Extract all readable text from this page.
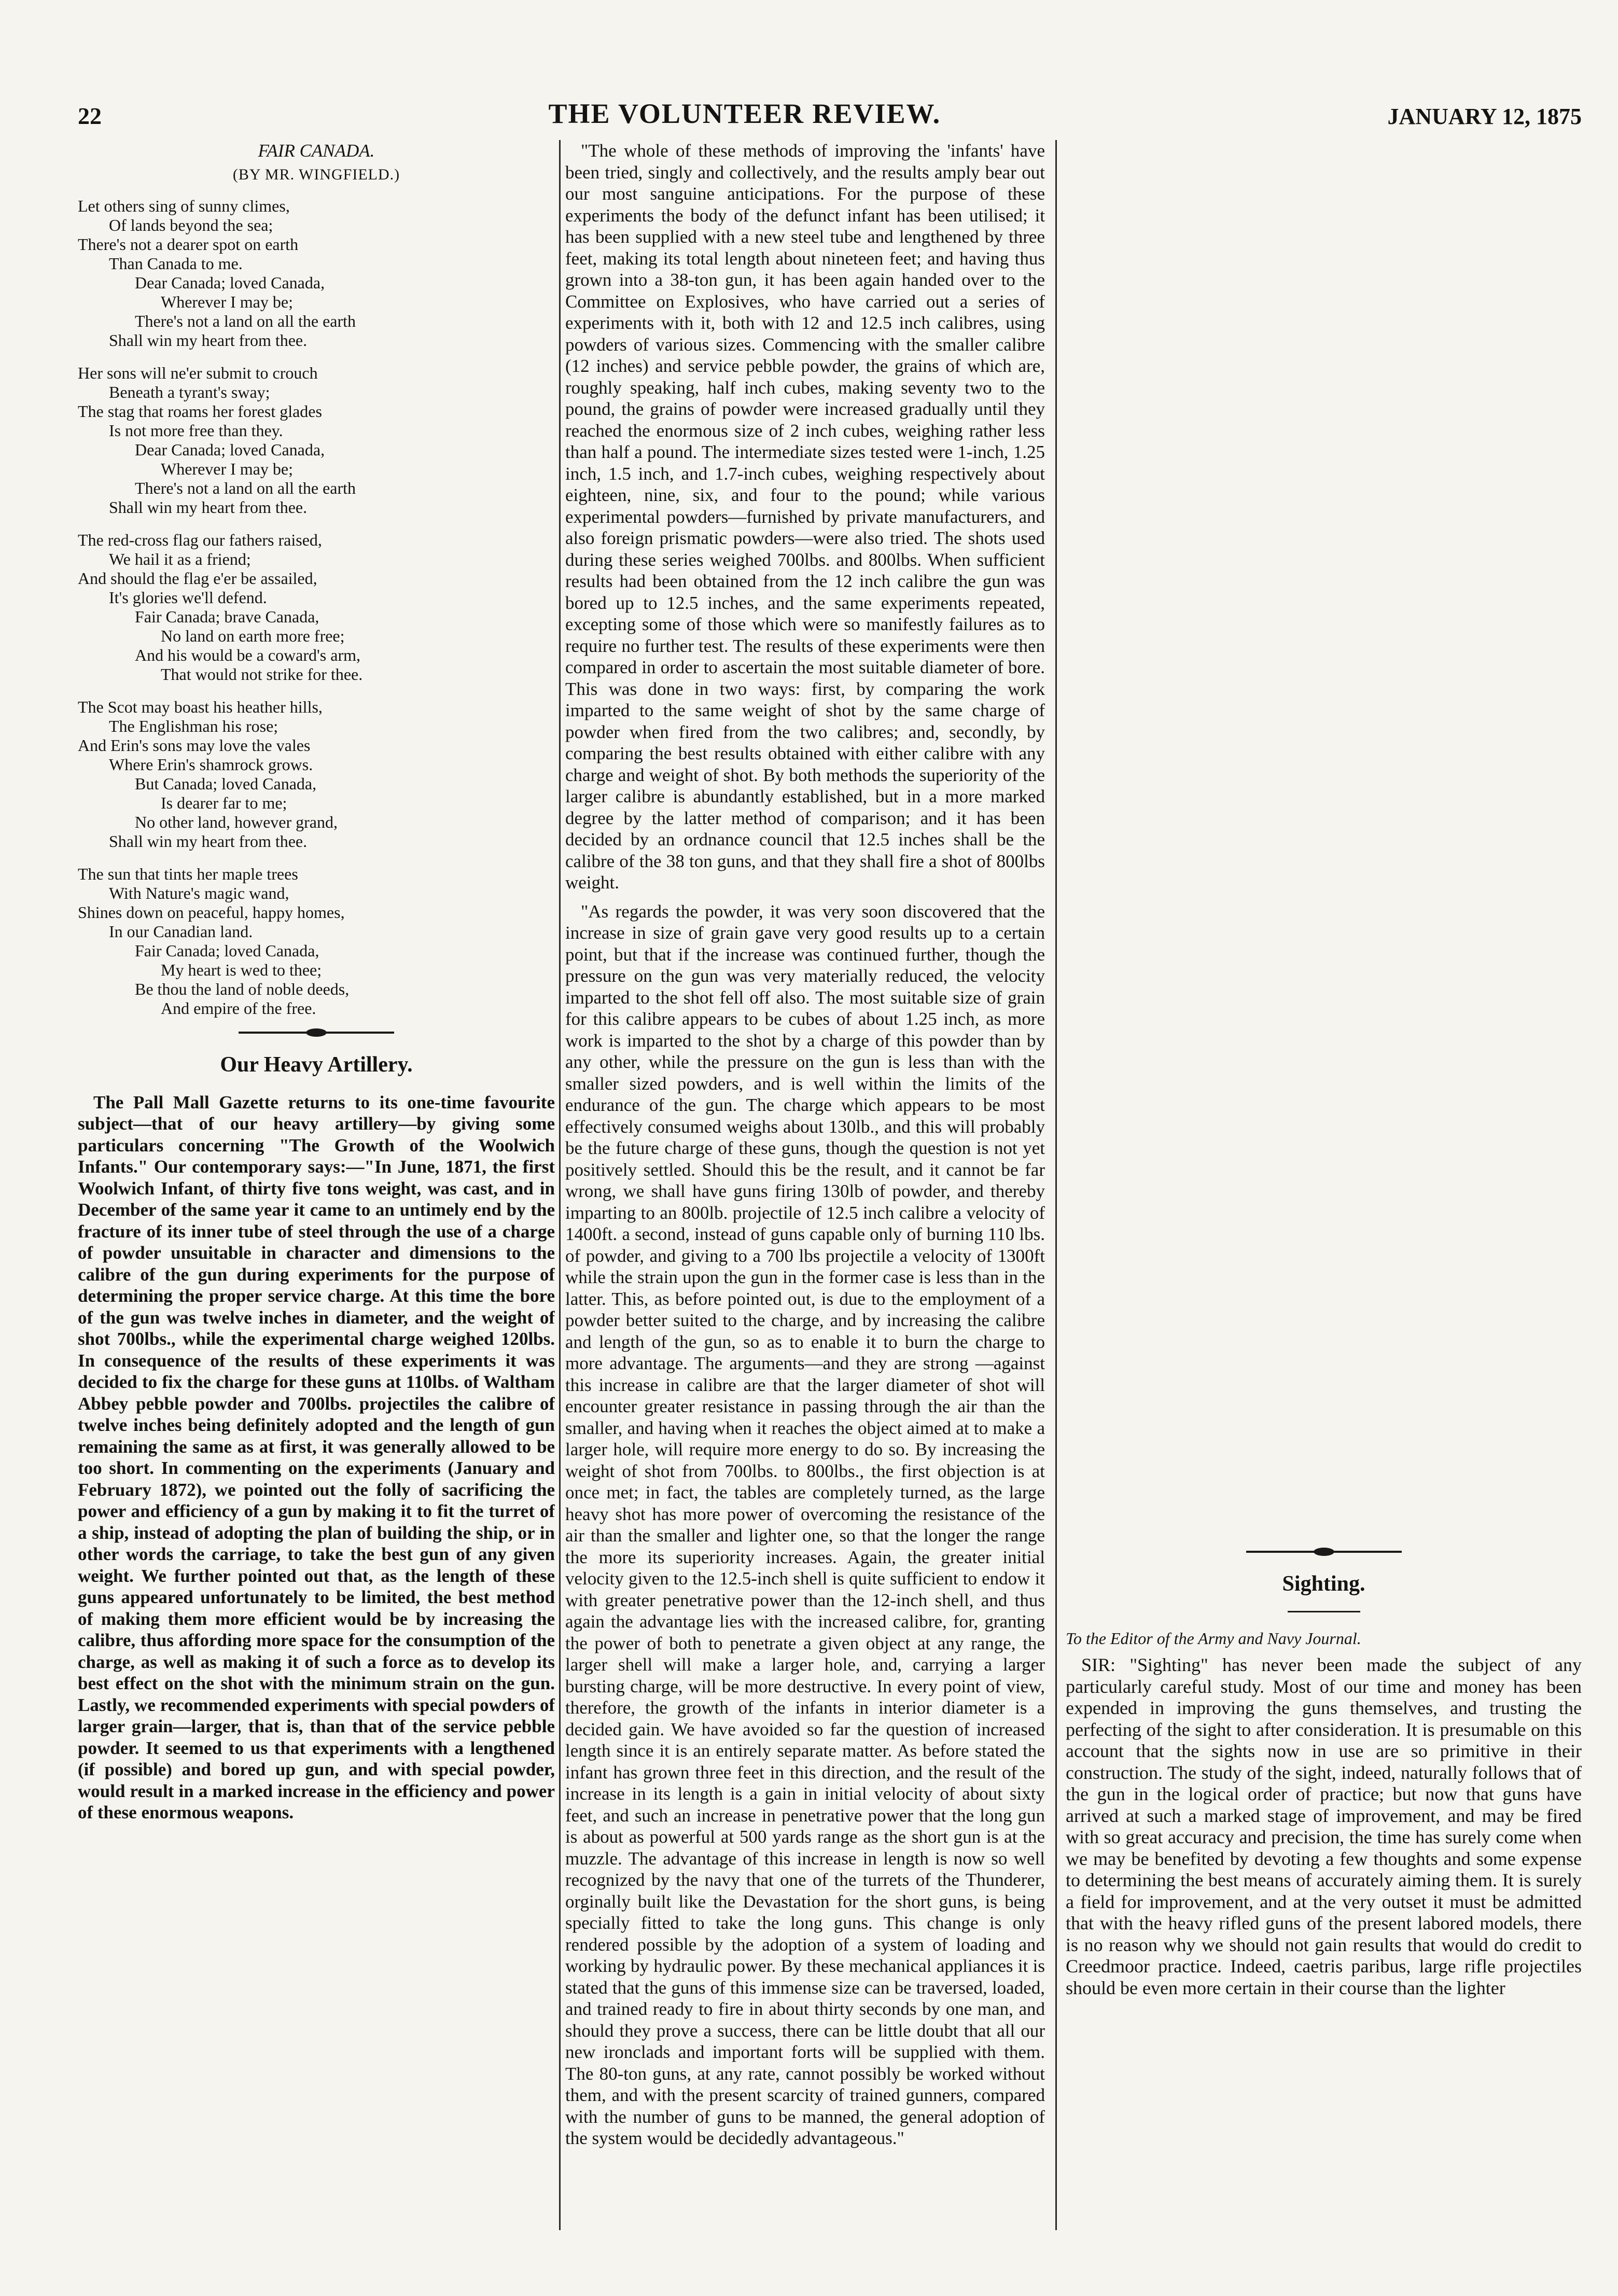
22	THE VOLUNTEER REVIEW.	JANUARY 12, 1875

FAIR CANADA.

(BY MR. WINGFIELD.)

Let others sing of sunny climes,
Of lands beyond the sea;
There's not a dearer spot on earth
Than Canada to me.
Dear Canada; loved Canada,
Wherever I may be;
There's not a land on all the earth
Shall win my heart from thee.
Her sons will ne'er submit to crouch
Beneath a tyrant's sway;
The stag that roams her forest glades
Is not more free than they.
Dear Canada; loved Canada,
Wherever I may be;
There's not a land on all the earth
Shall win my heart from thee.
The red-cross flag our fathers raised,
We hail it as a friend;
And should the flag e'er be assailed,
It's glories we'll defend.
Fair Canada; brave Canada,
No land on earth more free;
And his would be a coward's arm,
That would not strike for thee.
The Scot may boast his heather hills,
The Englishman his rose;
And Erin's sons may love the vales
Where Erin's shamrock grows.
But Canada; loved Canada,
Is dearer far to me;
No other land, however grand,
Shall win my heart from thee.
The sun that tints her maple trees
With Nature's magic wand,
Shines down on peaceful, happy homes,
In our Canadian land.
Fair Canada; loved Canada,
My heart is wed to thee;
Be thou the land of noble deeds,
And empire of the free.
Our Heavy Artillery.

The Pall Mall Gazette returns to its one-time favourite subject—that of our heavy artillery—by giving some particulars concerning "The Growth of the Woolwich Infants." Our contemporary says:—"In June, 1871, the first Woolwich Infant, of thirty five tons weight, was cast, and in December of the same year it came to an untimely end by the fracture of its inner tube of steel through the use of a charge of powder unsuitable in character and dimensions to the calibre of the gun during experiments for the purpose of determining the proper service charge. At this time the bore of the gun was twelve inches in diameter, and the weight of shot 700lbs., while the experimental charge weighed 120lbs. In consequence of the results of these experiments it was decided to fix the charge for these guns at 110lbs. of Waltham Abbey pebble powder and 700lbs. projectiles the calibre of twelve inches being definitely adopted and the length of gun remaining the same as at first, it was generally allowed to be too short. In commenting on the experiments (January and February 1872), we pointed out the folly of sacrificing the power and efficiency of a gun by making it to fit the turret of a ship, instead of adopting the plan of building the ship, or in other words the carriage, to take the best gun of any given weight. We further pointed out that, as the length of these guns appeared unfortunately to be limited, the best method of making them more efficient would be by increasing the calibre, thus affording more space for the consumption of the charge, as well as making it of such a force as to develop its best effect on the shot with the minimum strain on the gun. Lastly, we recommended experiments with special powders of larger grain—larger, that is, than that of the service pebble powder. It seemed to us that experiments with a lengthened (if possible) and bored up gun, and with special powder, would result in a marked increase in the efficiency and power of these enormous weapons.

"The whole of these methods of improving the 'infants' have been tried, singly and collectively, and the results amply bear out our most sanguine anticipations. For the purpose of these experiments the body of the defunct infant has been utilised; it has been supplied with a new steel tube and lengthened by three feet, making its total length about nineteen feet; and having thus grown into a 38-ton gun, it has been again handed over to the Committee on Explosives, who have carried out a series of experiments with it, both with 12 and 12.5 inch calibres, using powders of various sizes. Commencing with the smaller calibre (12 inches) and service pebble powder, the grains of which are, roughly speaking, half inch cubes, making seventy two to the pound, the grains of powder were increased gradually until they reached the enormous size of 2 inch cubes, weighing rather less than half a pound. The intermediate sizes tested were 1-inch, 1.25 inch, 1.5 inch, and 1.7-inch cubes, weighing respectively about eighteen, nine, six, and four to the pound; while various experimental powders—furnished by private manufacturers, and also foreign prismatic powders—were also tried. The shots used during these series weighed 700lbs. and 800lbs. When sufficient results had been obtained from the 12 inch calibre the gun was bored up to 12.5 inches, and the same experiments repeated, excepting some of those which were so manifestly failures as to require no further test. The results of these experiments were then compared in order to ascertain the most suitable diameter of bore. This was done in two ways: first, by comparing the work imparted to the same weight of shot by the same charge of powder when fired from the two calibres; and, secondly, by comparing the best results obtained with either calibre with any charge and weight of shot. By both methods the superiority of the larger calibre is abundantly established, but in a more marked degree by the latter method of comparison; and it has been decided by an ordnance council that 12.5 inches shall be the calibre of the 38 ton guns, and that they shall fire a shot of 800lbs weight.

"As regards the powder, it was very soon discovered that the increase in size of grain gave very good results up to a certain point, but that if the increase was continued further, though the pressure on the gun was very materially reduced, the velocity imparted to the shot fell off also. The most suitable size of grain for this calibre appears to be cubes of about 1.25 inch, as more work is imparted to the shot by a charge of this powder than by any other, while the pressure on the gun is less than with the smaller sized powders, and is well within the limits of the endurance of the gun. The charge which appears to be most effectively consumed weighs about 130lb., and this will probably be the future charge of these guns, though the question is not yet positively settled. Should this be the result, and it cannot be far wrong, we shall have guns firing 130lb of powder, and thereby imparting to an 800lb. projectile of 12.5 inch calibre a velocity of 1400ft. a second, instead of guns capable only of burning 110 lbs. of powder, and giving to a 700 lbs projectile a velocity of 1300ft while the strain upon the gun in the former case is less than in the latter. This, as before pointed out, is due to the employment of a powder better suited to the charge, and by increasing the calibre and length of the gun, so as to enable it to burn the charge to more advantage. The arguments—and they are strong —against this increase in calibre are that the larger diameter of shot will encounter greater resistance in passing through the air than the smaller, and having when it reaches the object aimed at to make a larger hole, will require more energy to do so. By increasing the weight of shot from 700lbs. to 800lbs., the first objection is at once met; in fact, the tables are completely turned, as the large heavy shot has more power of overcoming the resistance of the air than the smaller and lighter one, so that the longer the range the more its superiority increases. Again, the greater initial velocity given to the 12.5-inch shell is quite sufficient to endow it with greater penetrative power than the 12-inch shell, and thus again the advantage lies with the increased calibre, for, granting the power of both to penetrate a given object at any range, the larger shell will make a larger hole, and, carrying a larger bursting charge, will be more destructive. In every point of view, therefore, the growth of the infants in interior diameter is a decided gain. We have avoided so far the question of increased length since it is an entirely separate matter. As before stated the infant has grown three feet in this direction, and the result of the increase in its length is a gain in initial velocity of about sixty feet, and such an increase in penetrative power that the long gun is about as powerful at 500 yards range as the short gun is at the muzzle. The advantage of this increase in length is now so well recognized by the navy that one of the turrets of the Thunderer, orginally built like the Devastation for the short guns, is being specially fitted to take the long guns. This change is only rendered possible by the adoption of a system of loading and working by hydraulic power. By these mechanical appliances it is stated that the guns of this immense size can be traversed, loaded, and trained ready to fire in about thirty seconds by one man, and should they prove a success, there can be little doubt that all our new ironclads and important forts will be supplied with them. The 80-ton guns, at any rate, cannot possibly be worked without them, and with the present scarcity of trained gunners, compared with the number of guns to be manned, the general adoption of the system would be decidedly advantageous."

Sighting.

To the Editor of the Army and Navy Journal.

SIR: "Sighting" has never been made the subject of any particularly careful study. Most of our time and money has been expended in improving the guns themselves, and trusting the perfecting of the sight to after consideration. It is presumable on this account that the sights now in use are so primitive in their construction. The study of the sight, indeed, naturally follows that of the gun in the logical order of practice; but now that guns have arrived at such a marked stage of improvement, and may be fired with so great accuracy and precision, the time has surely come when we may be benefited by devoting a few thoughts and some expense to determining the best means of accurately aiming them. It is surely a field for improvement, and at the very outset it must be admitted that with the heavy rifled guns of the present labored models, there is no reason why we should not gain results that would do credit to Creedmoor practice. Indeed, caetris paribus, large rifle projectiles should be even more certain in their course than the lighter
